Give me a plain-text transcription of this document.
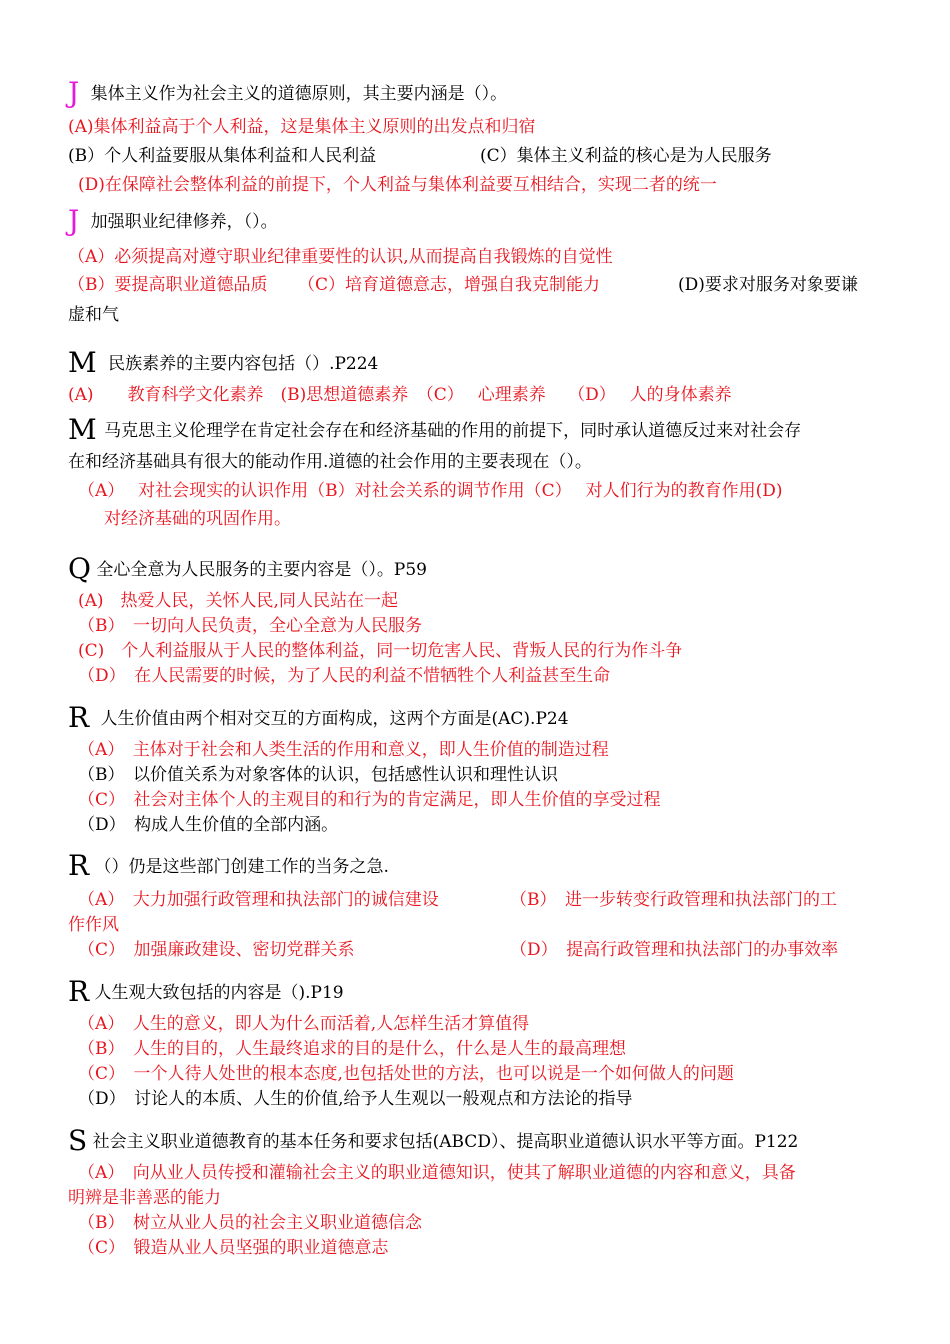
J 集体主义作为社会主义的道德原则，其主要内涵是（）。
(A)集体利益高于个人利益，这是集体主义原则的出发点和归宿
(B）个人利益要服从集体利益和人民利益	(C）集体主义利益的核心是为人民服务
(D)在保障社会整体利益的前提下，个人利益与集体利益要互相结合，实现二者的统一
J 加强职业纪律修养，（）。
（A）必须提高对遵守职业纪律重要性的认识,从而提高自我锻炼的自觉性
（B）要提高职业道德品质 （C）培育道德意志，增强自我克制能力	(D)要求对服务对象要谦
虚和气
M 民族素养的主要内容包括（）.P224
(A)　　教育科学文化素养　(B)思想道德素养　（C）　 心理素养　 （D）　 人的身体素养
M 马克思主义伦理学在肯定社会存在和经济基础的作用的前提下，同时承认道德反过来对社会存
在和经济基础具有很大的能动作用.道德的社会作用的主要表现在（）。
（A）　 对社会现实的认识作用（B）对社会关系的调节作用（C）　 对人们行为的教育作用(D)
对经济基础的巩固作用。
Q 全心全意为人民服务的主要内容是（）。P59
(A)　热爱人民，关怀人民,同人民站在一起
（B）　一切向人民负责，全心全意为人民服务
(C)　个人利益服从于人民的整体利益，同一切危害人民、背叛人民的行为作斗争
（D）　在人民需要的时候，为了人民的利益不惜牺牲个人利益甚至生命
R 人生价值由两个相对交互的方面构成，这两个方面是(AC).P24
（A）　主体对于社会和人类生活的作用和意义，即人生价值的制造过程
（B）　以价值关系为对象客体的认识，包括感性认识和理性认识
（C）　社会对主体个人的主观目的和行为的肯定满足，即人生价值的享受过程
（D）　构成人生价值的全部内涵。
R （）仍是这些部门创建工作的当务之急.
（A）　大力加强行政管理和执法部门的诚信建设	（B）　进一步转变行政管理和执法部门的工
作作风
（C）　加强廉政建设、密切党群关系	（D）　提高行政管理和执法部门的办事效率
R 人生观大致包括的内容是（).P19
（A）　人生的意义，即人为什么而活着,人怎样生活才算值得
（B）　人生的目的，人生最终追求的目的是什么，什么是人生的最高理想
（C）　一个人待人处世的根本态度,也包括处世的方法，也可以说是一个如何做人的问题
（D）　讨论人的本质、人生的价值,给予人生观以一般观点和方法论的指导
S 社会主义职业道德教育的基本任务和要求包括(ABCD）、提高职业道德认识水平等方面。P122
（A）　向从业人员传授和灌输社会主义的职业道德知识，使其了解职业道德的内容和意义，具备
明辨是非善恶的能力
（B）　树立从业人员的社会主义职业道德信念
（C）　锻造从业人员坚强的职业道德意志
